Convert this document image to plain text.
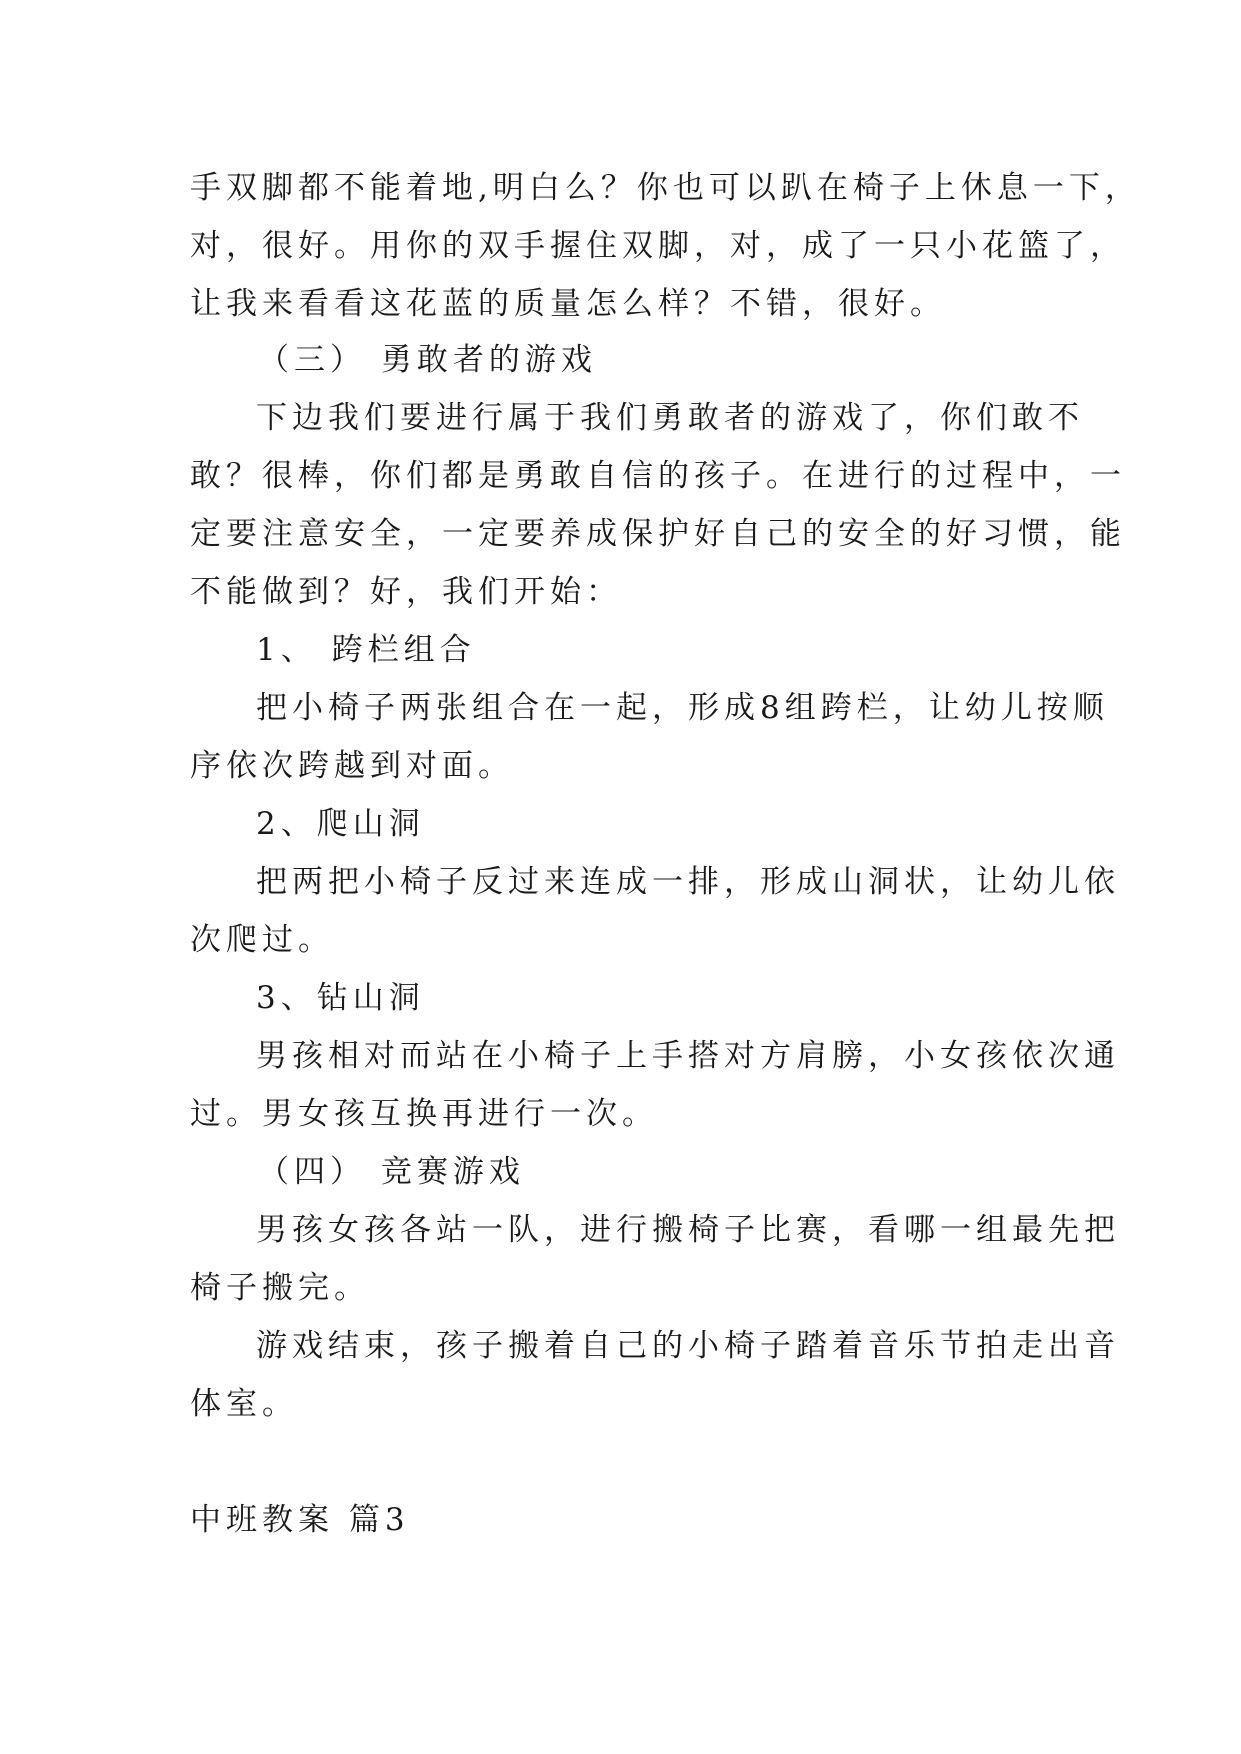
手双脚都不能着地,明白么？你也可以趴在椅子上休息一下，
对，很好。用你的双手握住双脚，对，成了一只小花篮了，
让我来看看这花蓝的质量怎么样？不错，很好。
（三） 勇敢者的游戏
下边我们要进行属于我们勇敢者的游戏了，你们敢不
敢？很棒，你们都是勇敢自信的孩子。在进行的过程中，一
定要注意安全，一定要养成保护好自己的安全的好习惯，能
不能做到？好，我们开始：
1、 跨栏组合
把小椅子两张组合在一起，形成8组跨栏，让幼儿按顺
序依次跨越到对面。
2、爬山洞
把两把小椅子反过来连成一排，形成山洞状，让幼儿依
次爬过。
3、钻山洞
男孩相对而站在小椅子上手搭对方肩膀，小女孩依次通
过。男女孩互换再进行一次。
（四） 竞赛游戏
男孩女孩各站一队，进行搬椅子比赛，看哪一组最先把
椅子搬完。
游戏结束，孩子搬着自己的小椅子踏着音乐节拍走出音
体室。
中班教案 篇3
